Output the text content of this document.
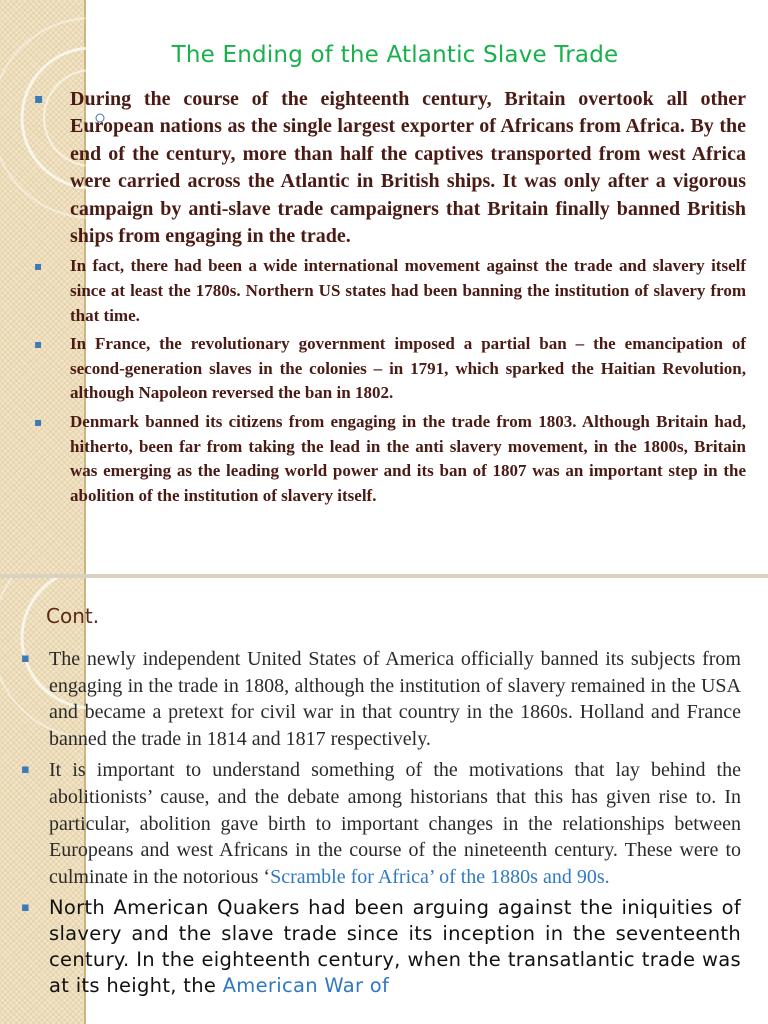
The Ending of the Atlantic Slave Trade
▪ During the course of the eighteenth century, Britain overtook all other European nations as the single largest exporter of Africans from Africa. By the end of the century, more than half the captives transported from west Africa were carried across the Atlantic in British ships. It was only after a vigorous campaign by anti-slave trade campaigners that Britain finally banned British ships from engaging in the trade.
▪ In fact, there had been a wide international movement against the trade and slavery itself since at least the 1780s. Northern US states had been banning the institution of slavery from that time.
▪ In France, the revolutionary government imposed a partial ban – the emancipation of second-generation slaves in the colonies – in 1791, which sparked the Haitian Revolution, although Napoleon reversed the ban in 1802.
▪ Denmark banned its citizens from engaging in the trade from 1803. Although Britain had, hitherto, been far from taking the lead in the anti slavery movement, in the 1800s, Britain was emerging as the leading world power and its ban of 1807 was an important step in the abolition of the institution of slavery itself.
Cont.
▪ The newly independent United States of America officially banned its subjects from engaging in the trade in 1808, although the institution of slavery remained in the USA and became a pretext for civil war in that country in the 1860s. Holland and France banned the trade in 1814 and 1817 respectively.
▪ It is important to understand something of the motivations that lay behind the abolitionists’ cause, and the debate among historians that this has given rise to. In particular, abolition gave birth to important changes in the relationships between Europeans and west Africans in the course of the nineteenth century. These were to culminate in the notorious ‘Scramble for Africa’ of the 1880s and 90s.
▪ North American Quakers had been arguing against the iniquities of slavery and the slave trade since its inception in the seventeenth century. In the eighteenth century, when the transatlantic trade was at its height, the American War of
